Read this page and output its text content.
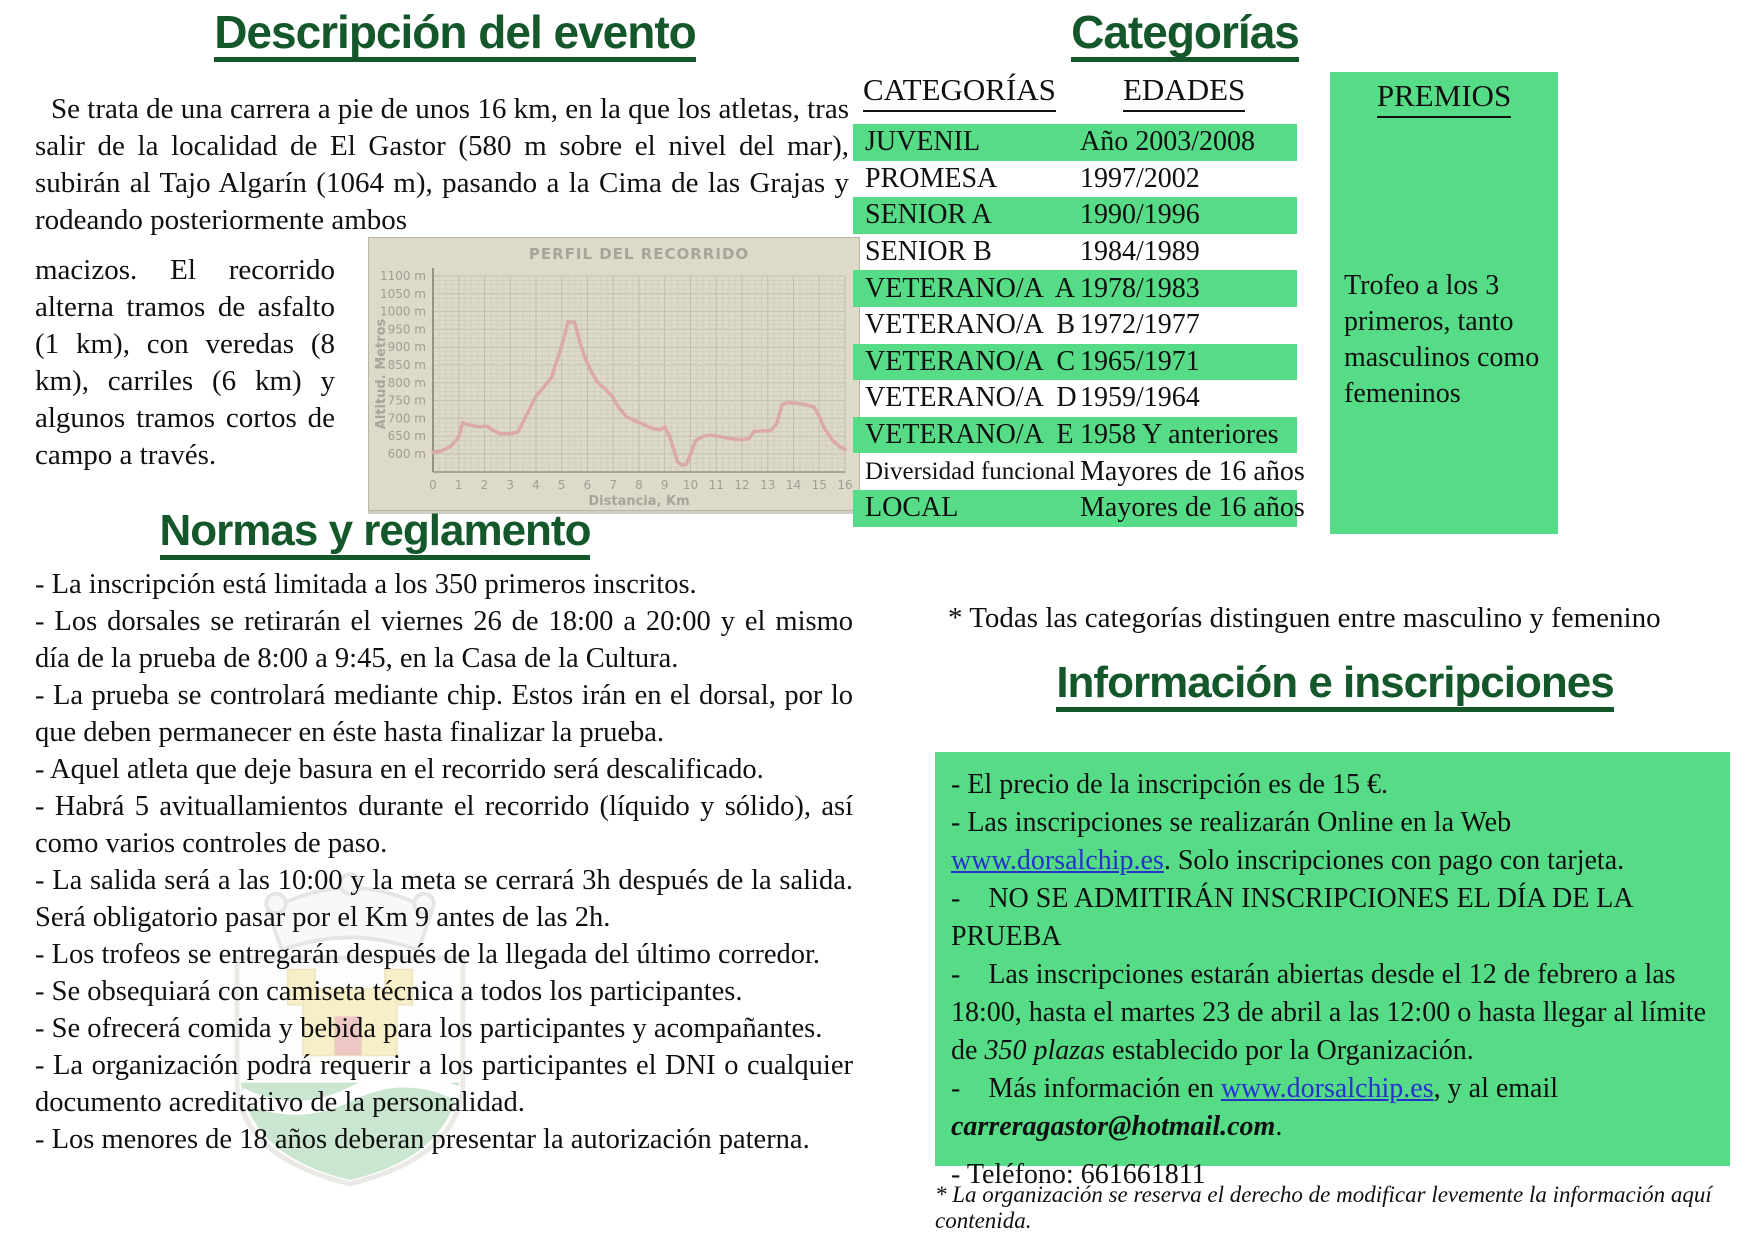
Descripción del evento

Se trata de una carrera a pie de unos 16 km, en la que los atletas, tras salir de la localidad de El Gastor (580 m sobre el nivel del mar), subirán al Tajo Algarín (1064 m), pasando a la Cima de las Grajas y rodeando posteriormente ambos

macizos. El recorrido alterna tramos de asfalto (1 km), con veredas (8 km), carriles (6 km) y algunos tramos cortos de campo a través.	600 m
650 m
700 m
750 m
800 m
850 m
900 m
950 m
1000 m
1050 m
1100 m
0 1 2 3 4 5 6 7 8 9 10 11 12 13 14 15 16
PERFIL DEL RECORRIDO
Altitud. Metros
Distancia, Km
Normas y reglamento

- La inscripción está limitada a los 350 primeros inscritos.

- Los dorsales se retirarán el viernes 26 de 18:00 a 20:00 y el mismo día de la prueba de 8:00 a 9:45, en la Casa de la Cultura.

- La prueba se controlará mediante chip. Estos irán en el dorsal, por lo que deben permanecer en éste hasta finalizar la prueba.

- Aquel atleta que deje basura en el recorrido será descalificado.

- Habrá 5 avituallamientos durante el recorrido (líquido y sólido), así como varios controles de paso.

- La salida será a las 10:00 y la meta se cerrará 3h después de la salida. Será obligatorio pasar por el Km 9 antes de las 2h.

- Los trofeos se entregarán después de la llegada del último corredor.

- Se obsequiará con camiseta técnica a todos los participantes.

- Se ofrecerá comida y bebida para los participantes y acompañantes.

- La organización podrá requerir a los participantes el DNI o cualquier documento acreditativo de la personalidad.

- Los menores de 18 años deberan presentar la autorización paterna.

Categorías
CATEGORÍAS EDADES	PREMIOS

Trofeo a los 3 primeros, tanto masculinos como femeninos

JUVENIL	Año 2003/2008
PROMESA	1997/2002
SENIOR A	1990/1996
SENIOR B	1984/1989
VETERANO/A  A 1978/1983
VETERANO/A  B 1972/1977
VETERANO/A  C 1965/1971
VETERANO/A  D 1959/1964
VETERANO/A  E 1958 Y anteriores
Diversidad funcional Mayores de 16 años
LOCAL	Mayores de 16 años
* Todas las categorías distinguen entre masculino y femenino
Información e inscripciones

- El precio de la inscripción es de 15 €.

- Las inscripciones se realizarán Online en la Web www.dorsalchip.es. Solo inscripciones con pago con tarjeta.

-    NO SE ADMITIRÁN INSCRIPCIONES EL DÍA DE LA PRUEBA

-    Las inscripciones estarán abiertas desde el 12 de febrero a las 18:00, hasta el martes 23 de abril a las 12:00 o hasta llegar al límite de 350 plazas establecido por la Organización.

-    Más información en www.dorsalchip.es, y al email carreragastor@hotmail.com.

- Teléfono: 661661811

* La organización se reserva el derecho de modificar levemente la información aquí contenida.
